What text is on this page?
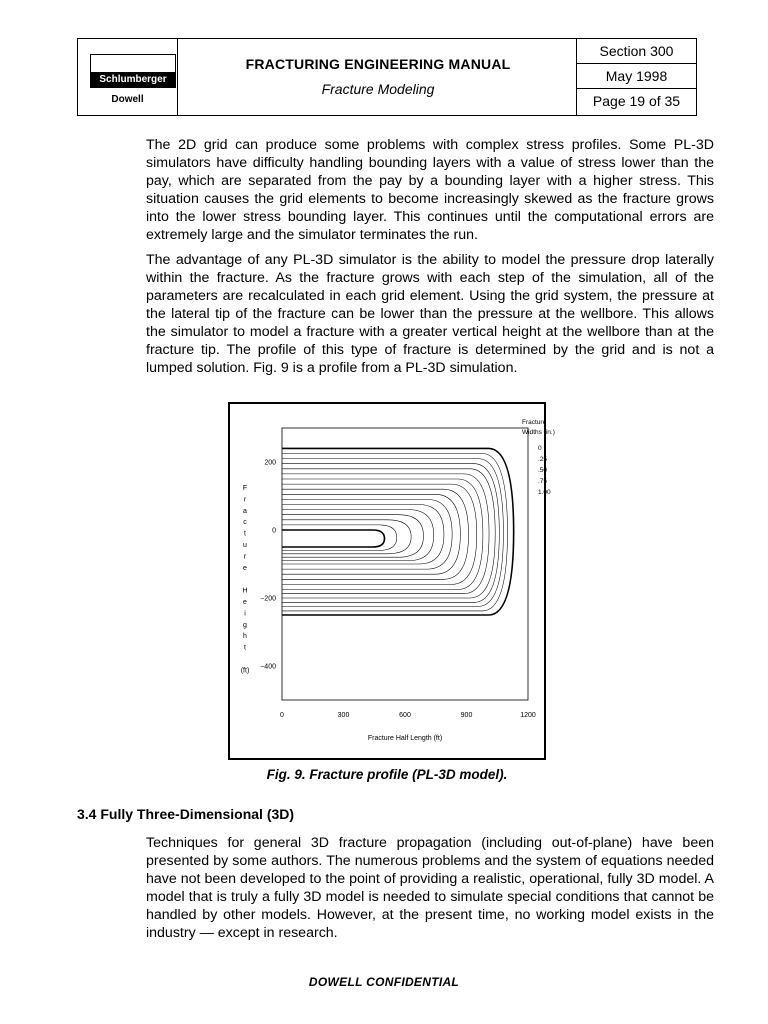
Schlumberger
Dowell
FRACTURING ENGINEERING MANUAL
Fracture Modeling
Section 300
May 1998
Page 19 of 35

The 2D grid can produce some problems with complex stress profiles. Some PL-3D simulators have difficulty handling bounding layers with a value of stress lower than the pay, which are separated from the pay by a bounding layer with a higher stress. This situation causes the grid elements to become increasingly skewed as the fracture grows into the lower stress bounding layer. This continues until the computational errors are extremely large and the simulator terminates the run.

The advantage of any PL-3D simulator is the ability to model the pressure drop laterally within the fracture. As the fracture grows with each step of the simulation, all of the parameters are recalculated in each grid element. Using the grid system, the pressure at the lateral tip of the fracture can be lower than the pressure at the wellbore. This allows the simulator to model a fracture with a greater vertical height at the wellbore than at the fracture tip. The profile of this type of fracture is determined by the grid and is not a lumped solution. Fig. 9 is a profile from a PL-3D simulation.

0	300	600	900	1200
200
0
−200
−400
Fracture Half Length (ft)
F
r
a
c
t
u
r
e
H
e
i
g
h
t
(ft)
Fracture
Widths (in.)
0
.25
.50
.75
1.00
Fig. 9. Fracture profile (PL-3D model).
3.4 Fully Three-Dimensional (3D)

Techniques for general 3D fracture propagation (including out-of-plane) have been presented by some authors. The numerous problems and the system of equations needed have not been developed to the point of providing a realistic, operational, fully 3D model. A model that is truly a fully 3D model is needed to simulate special conditions that cannot be handled by other models. However, at the present time, no working model exists in the industry — except in research.

DOWELL CONFIDENTIAL
